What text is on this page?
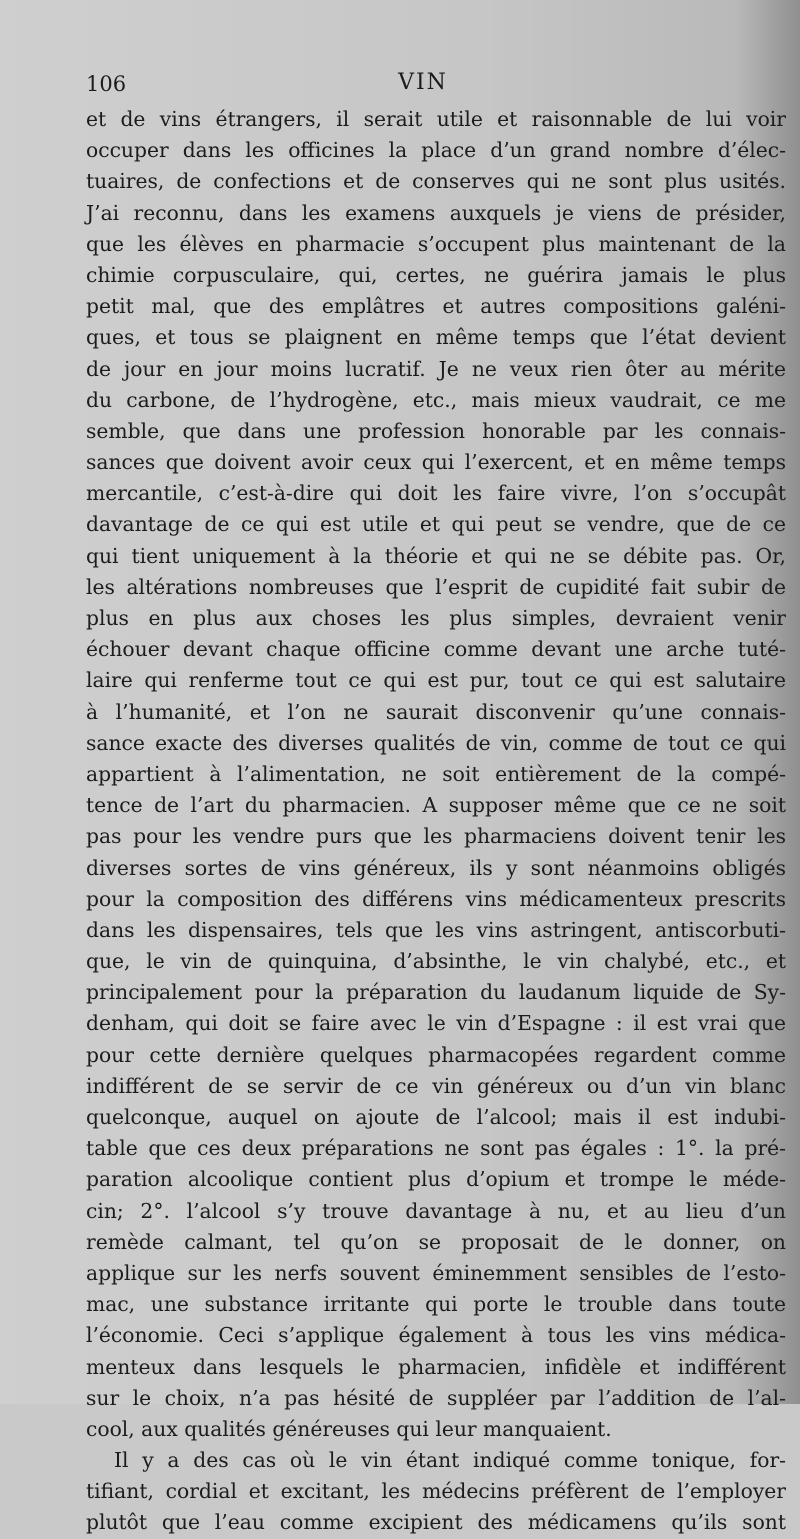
106	VIN
et de vins étrangers, il serait utile et raisonnable de lui voir
occuper dans les officines la place d’un grand nombre d’élec-
tuaires, de confections et de conserves qui ne sont plus usités.
J’ai reconnu, dans les examens auxquels je viens de présider,
que les élèves en pharmacie s’occupent plus maintenant de la
chimie corpusculaire, qui, certes, ne guérira jamais le plus
petit mal, que des emplâtres et autres compositions galéni-
ques, et tous se plaignent en même temps que l’état devient
de jour en jour moins lucratif. Je ne veux rien ôter au mérite
du carbone, de l’hydrogène, etc., mais mieux vaudrait, ce me
semble, que dans une profession honorable par les connais-
sances que doivent avoir ceux qui l’exercent, et en même temps
mercantile, c’est-à-dire qui doit les faire vivre, l’on s’occupât
davantage de ce qui est utile et qui peut se vendre, que de ce
qui tient uniquement à la théorie et qui ne se débite pas. Or,
les altérations nombreuses que l’esprit de cupidité fait subir de
plus en plus aux choses les plus simples, devraient venir
échouer devant chaque officine comme devant une arche tuté-
laire qui renferme tout ce qui est pur, tout ce qui est salutaire
à l’humanité, et l’on ne saurait disconvenir qu’une connais-
sance exacte des diverses qualités de vin, comme de tout ce qui
appartient à l’alimentation, ne soit entièrement de la compé-
tence de l’art du pharmacien. A supposer même que ce ne soit
pas pour les vendre purs que les pharmaciens doivent tenir les
diverses sortes de vins généreux, ils y sont néanmoins obligés
pour la composition des différens vins médicamenteux prescrits
dans les dispensaires, tels que les vins astringent, antiscorbuti-
que, le vin de quinquina, d’absinthe, le vin chalybé, etc., et
principalement pour la préparation du laudanum liquide de Sy-
denham, qui doit se faire avec le vin d’Espagne : il est vrai que
pour cette dernière quelques pharmacopées regardent comme
indifférent de se servir de ce vin généreux ou d’un vin blanc
quelconque, auquel on ajoute de l’alcool; mais il est indubi-
table que ces deux préparations ne sont pas égales : 1°. la pré-
paration alcoolique contient plus d’opium et trompe le méde-
cin; 2°. l’alcool s’y trouve davantage à nu, et au lieu d’un
remède calmant, tel qu’on se proposait de le donner, on
applique sur les nerfs souvent éminemment sensibles de l’esto-
mac, une substance irritante qui porte le trouble dans toute
l’économie. Ceci s’applique également à tous les vins médica-
menteux dans lesquels le pharmacien, infidèle et indifférent
sur le choix, n’a pas hésité de suppléer par l’addition de l’al-
cool, aux qualités généreuses qui leur manquaient.
Il y a des cas où le vin étant indiqué comme tonique, for-
tifiant, cordial et excitant, les médecins préfèrent de l’employer
plutôt que l’eau comme excipient des médicamens qu’ils sont
